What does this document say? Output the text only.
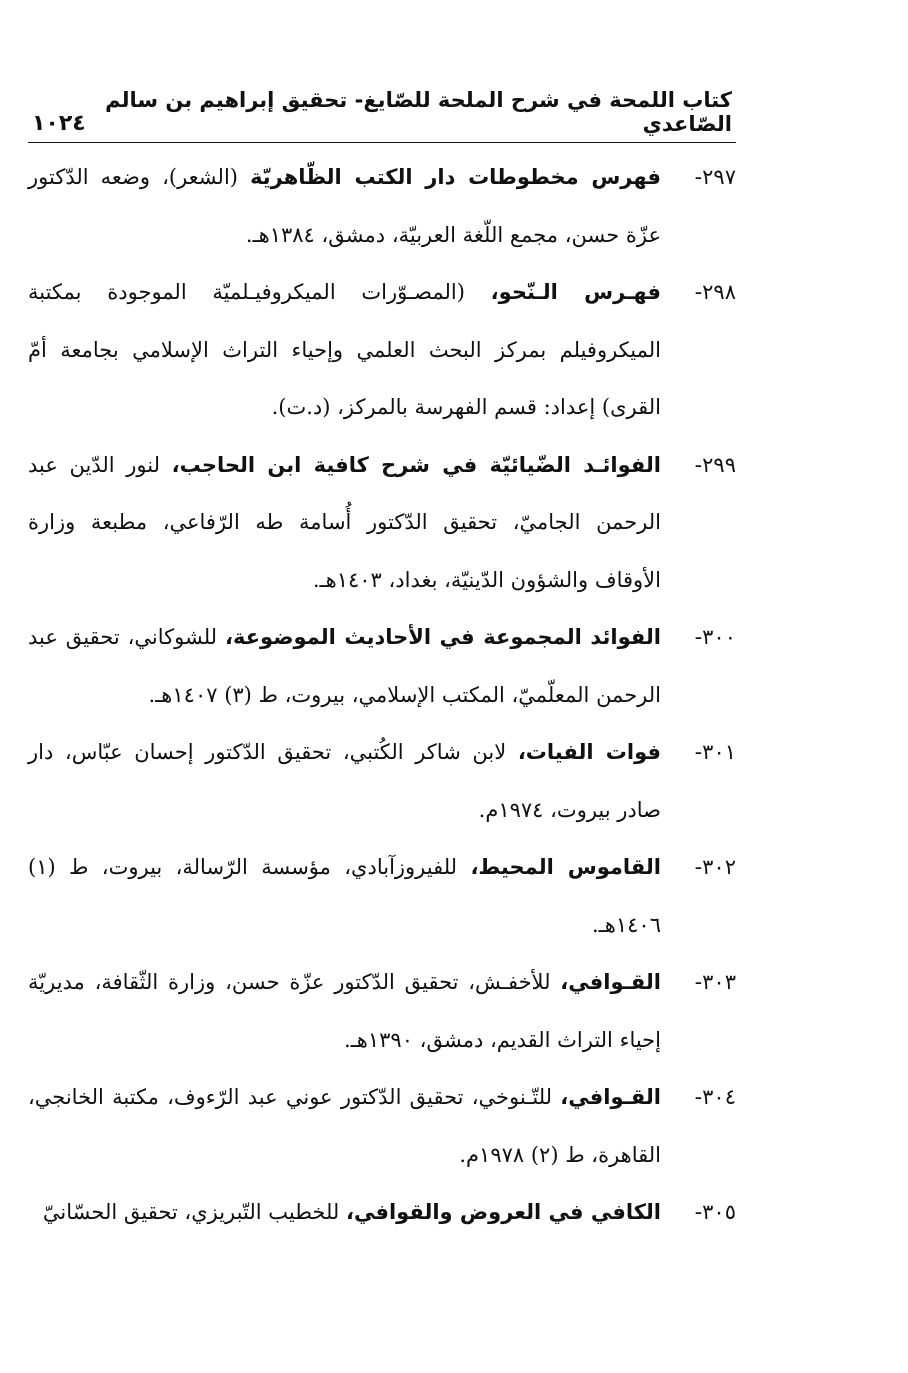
كتاب اللمحة في شرح الملحة للصّايغ- تحقيق إبراهيم بن سالم الصّاعدي
١٠٢٤

٢٩٧-فهرس مخطوطات دار الكتب الظّاهريّة (الشعر)، وضعه الدّكتور عزّة حسن، مجمع اللّغة العربيّة، دمشق، ١٣٨٤هـ.

٢٩٨-فهـرس الـنّحو، (المصـوّرات الميكروفيـلميّة الموجودة بمكتبة الميكروفيلم بمركز البحث العلمي وإحياء التراث الإسلامي بجامعة أمّ القرى) إعداد: قسم الفهرسة بالمركز، (د.ت).

٢٩٩-الفوائـد الضّيائيّة في شرح كافية ابن الحاجب، لنور الدّين عبد الرحمن الجاميّ، تحقيق الدّكتور أُسامة طه الرّفاعي، مطبعة وزارة الأوقاف والشؤون الدّينيّة، بغداد، ١٤٠٣هـ.

٣٠٠-الفوائد المجموعة في الأحاديث الموضوعة، للشوكاني، تحقيق عبد الرحمن المعلّميّ، المكتب الإسلامي، بيروت، ط (٣) ١٤٠٧هـ.

٣٠١-فوات الفيات، لابن شاكر الكُتبي، تحقيق الدّكتور إحسان عبّاس، دار صادر بيروت، ١٩٧٤م.

٣٠٢-القاموس المحيط، للفيروزآبادي، مؤسسة الرّسالة، بيروت، ط (١) ١٤٠٦هـ.

٣٠٣-القـوافي، للأخفـش، تحقيق الدّكتور عزّة حسن، وزارة الثّقافة، مديريّة إحياء التراث القديم، دمشق، ١٣٩٠هـ.

٣٠٤-القـوافي، للتّـنوخي، تحقيق الدّكتور عوني عبد الرّءوف، مكتبة الخانجي، القاهرة، ط (٢) ١٩٧٨م.

٣٠٥-الكافي في العروض والقوافي، للخطيب التّبريزي، تحقيق الحسّانيّ
